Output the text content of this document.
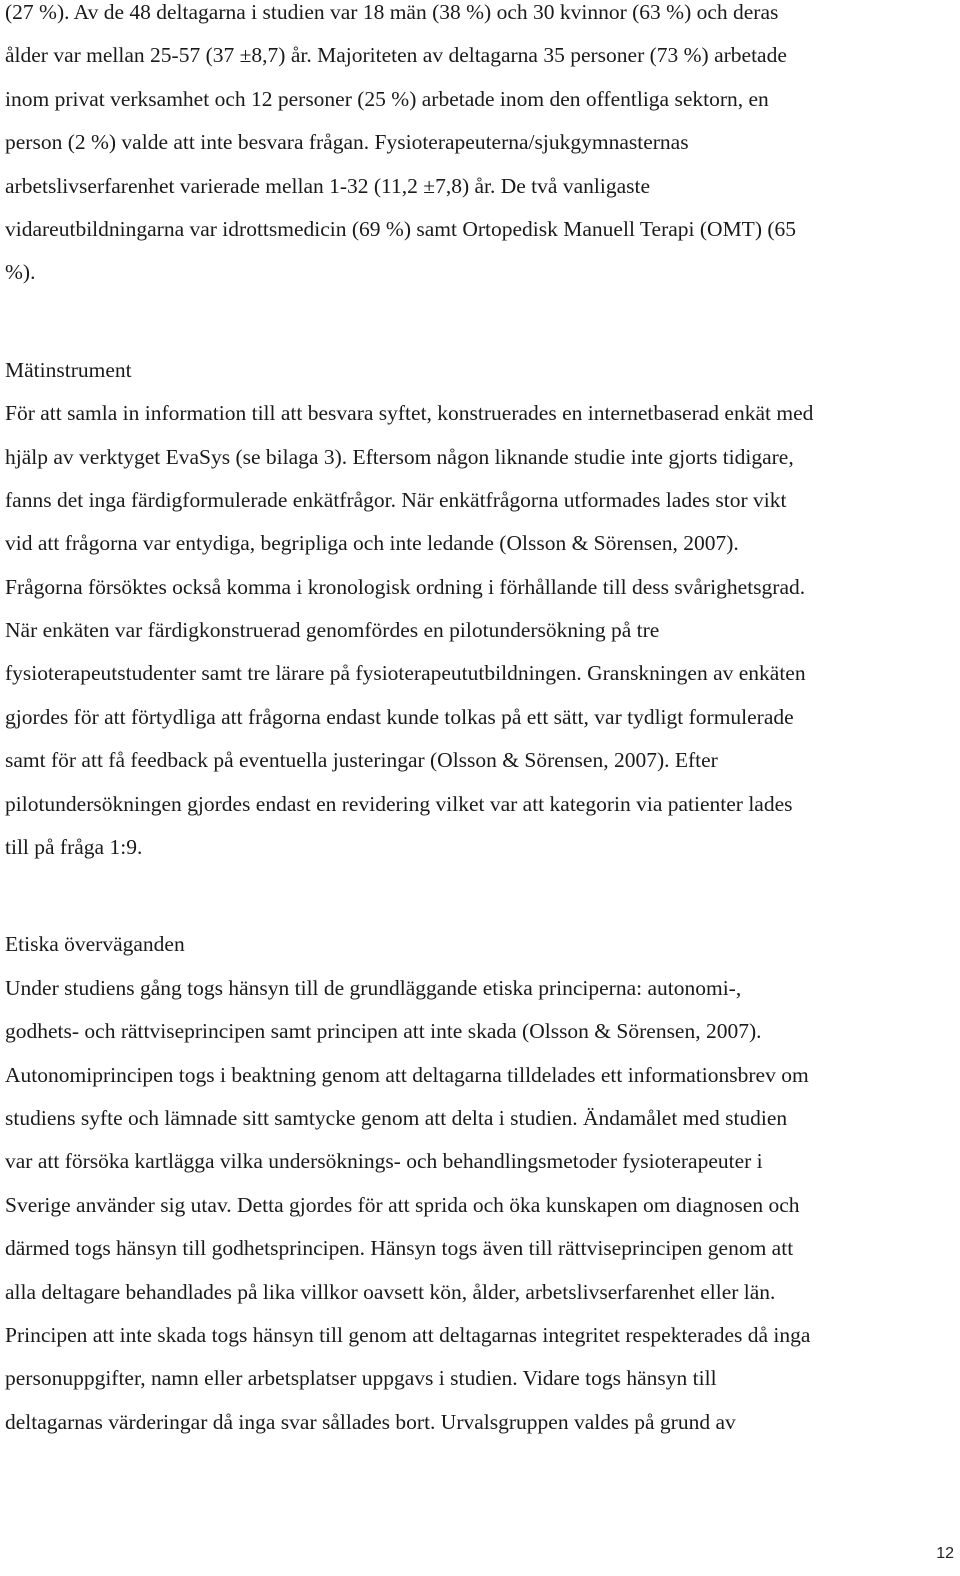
(27 %). Av de 48 deltagarna i studien var 18 män (38 %) och 30 kvinnor (63 %) och deras
ålder var mellan 25-57 (37 ±8,7) år. Majoriteten av deltagarna 35 personer (73 %) arbetade
inom privat verksamhet och 12 personer (25 %) arbetade inom den offentliga sektorn, en
person (2 %) valde att inte besvara frågan. Fysioterapeuterna/sjukgymnasternas
arbetslivserfarenhet varierade mellan 1-32 (11,2 ±7,8) år. De två vanligaste
vidareutbildningarna var idrottsmedicin (69 %) samt Ortopedisk Manuell Terapi (OMT) (65
%).
Mätinstrument
För att samla in information till att besvara syftet, konstruerades en internetbaserad enkät med
hjälp av verktyget EvaSys (se bilaga 3). Eftersom någon liknande studie inte gjorts tidigare,
fanns det inga färdigformulerade enkätfrågor. När enkätfrågorna utformades lades stor vikt
vid att frågorna var entydiga, begripliga och inte ledande (Olsson & Sörensen, 2007).
Frågorna försöktes också komma i kronologisk ordning i förhållande till dess svårighetsgrad.
När enkäten var färdigkonstruerad genomfördes en pilotundersökning på tre
fysioterapeutstudenter samt tre lärare på fysioterapeututbildningen. Granskningen av enkäten
gjordes för att förtydliga att frågorna endast kunde tolkas på ett sätt, var tydligt formulerade
samt för att få feedback på eventuella justeringar (Olsson & Sörensen, 2007). Efter
pilotundersökningen gjordes endast en revidering vilket var att kategorin via patienter lades
till på fråga 1:9.
Etiska överväganden
Under studiens gång togs hänsyn till de grundläggande etiska principerna: autonomi-,
godhets- och rättviseprincipen samt principen att inte skada (Olsson & Sörensen, 2007).
Autonomiprincipen togs i beaktning genom att deltagarna tilldelades ett informationsbrev om
studiens syfte och lämnade sitt samtycke genom att delta i studien. Ändamålet med studien
var att försöka kartlägga vilka undersöknings- och behandlingsmetoder fysioterapeuter i
Sverige använder sig utav. Detta gjordes för att sprida och öka kunskapen om diagnosen och
därmed togs hänsyn till godhetsprincipen. Hänsyn togs även till rättviseprincipen genom att
alla deltagare behandlades på lika villkor oavsett kön, ålder, arbetslivserfarenhet eller län.
Principen att inte skada togs hänsyn till genom att deltagarnas integritet respekterades då inga
personuppgifter, namn eller arbetsplatser uppgavs i studien. Vidare togs hänsyn till
deltagarnas värderingar då inga svar sållades bort. Urvalsgruppen valdes på grund av
12
